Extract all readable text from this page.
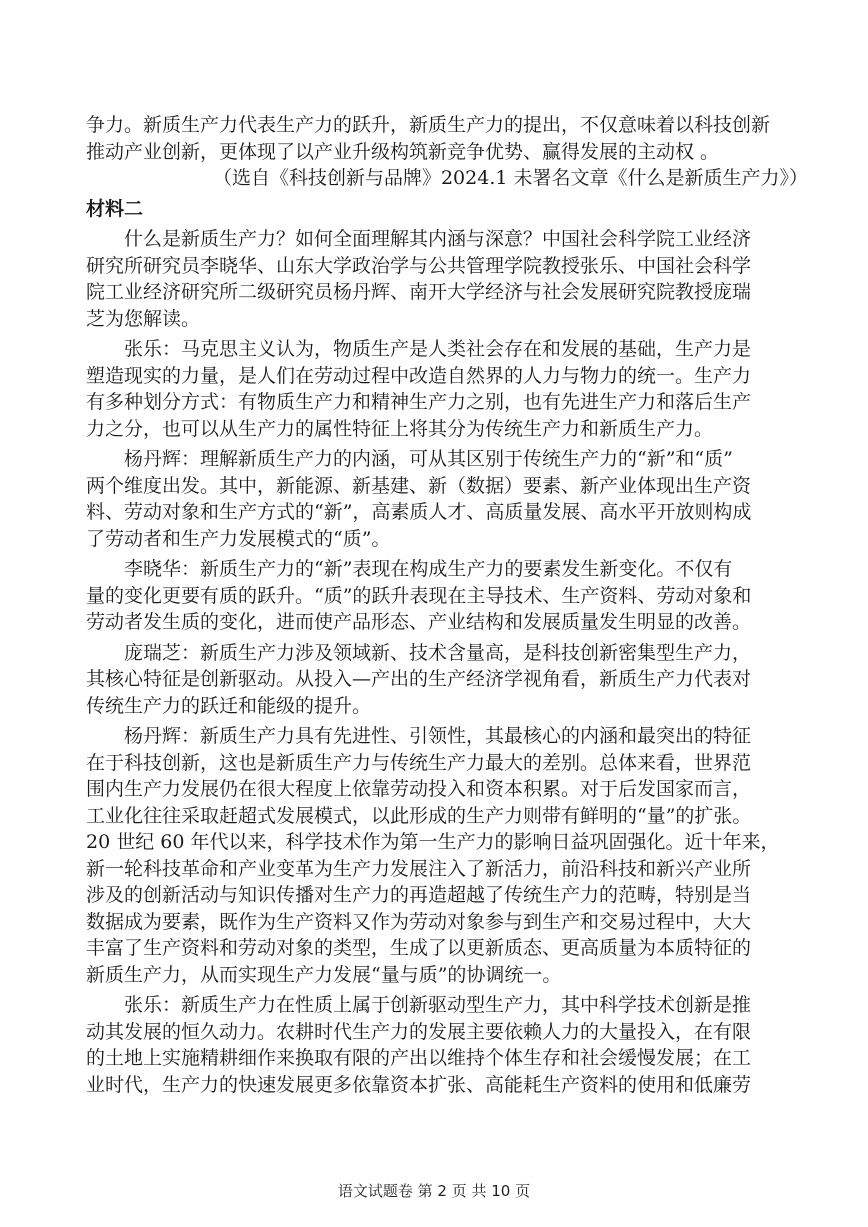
争力。新质生产力代表生产力的跃升，新质生产力的提出，不仅意味着以科技创新
推动产业创新，更体现了以产业升级构筑新竞争优势、赢得发展的主动权 。
（选自《科技创新与品牌》2024.1 未署名文章《什么是新质生产力》）
材料二
什么是新质生产力？如何全面理解其内涵与深意？中国社会科学院工业经济
研究所研究员李晓华、山东大学政治学与公共管理学院教授张乐、中国社会科学
院工业经济研究所二级研究员杨丹辉、南开大学经济与社会发展研究院教授庞瑞
芝为您解读。
张乐：马克思主义认为，物质生产是人类社会存在和发展的基础，生产力是
塑造现实的力量，是人们在劳动过程中改造自然界的人力与物力的统一。生产力
有多种划分方式：有物质生产力和精神生产力之别，也有先进生产力和落后生产
力之分，也可以从生产力的属性特征上将其分为传统生产力和新质生产力。
杨丹辉：理解新质生产力的内涵，可从其区别于传统生产力的“新”和“质”
两个维度出发。其中，新能源、新基建、新（数据）要素、新产业体现出生产资
料、劳动对象和生产方式的“新”，高素质人才、高质量发展、高水平开放则构成
了劳动者和生产力发展模式的“质”。
李晓华：新质生产力的“新”表现在构成生产力的要素发生新变化。不仅有
量的变化更要有质的跃升。“质”的跃升表现在主导技术、生产资料、劳动对象和
劳动者发生质的变化，进而使产品形态、产业结构和发展质量发生明显的改善。
庞瑞芝：新质生产力涉及领域新、技术含量高，是科技创新密集型生产力，
其核心特征是创新驱动。从投入—产出的生产经济学视角看，新质生产力代表对
传统生产力的跃迁和能级的提升。
杨丹辉：新质生产力具有先进性、引领性，其最核心的内涵和最突出的特征
在于科技创新，这也是新质生产力与传统生产力最大的差别。总体来看，世界范
围内生产力发展仍在很大程度上依靠劳动投入和资本积累。对于后发国家而言，
工业化往往采取赶超式发展模式，以此形成的生产力则带有鲜明的“量”的扩张。
20 世纪 60 年代以来，科学技术作为第一生产力的影响日益巩固强化。近十年来，
新一轮科技革命和产业变革为生产力发展注入了新活力，前沿科技和新兴产业所
涉及的创新活动与知识传播对生产力的再造超越了传统生产力的范畴，特别是当
数据成为要素，既作为生产资料又作为劳动对象参与到生产和交易过程中，大大
丰富了生产资料和劳动对象的类型，生成了以更新质态、更高质量为本质特征的
新质生产力，从而实现生产力发展“量与质”的协调统一。
张乐：新质生产力在性质上属于创新驱动型生产力，其中科学技术创新是推
动其发展的恒久动力。农耕时代生产力的发展主要依赖人力的大量投入，在有限
的土地上实施精耕细作来换取有限的产出以维持个体生存和社会缓慢发展；在工
业时代，生产力的快速发展更多依靠资本扩张、高能耗生产资料的使用和低廉劳
语文试题卷 第 2 页 共 10 页
